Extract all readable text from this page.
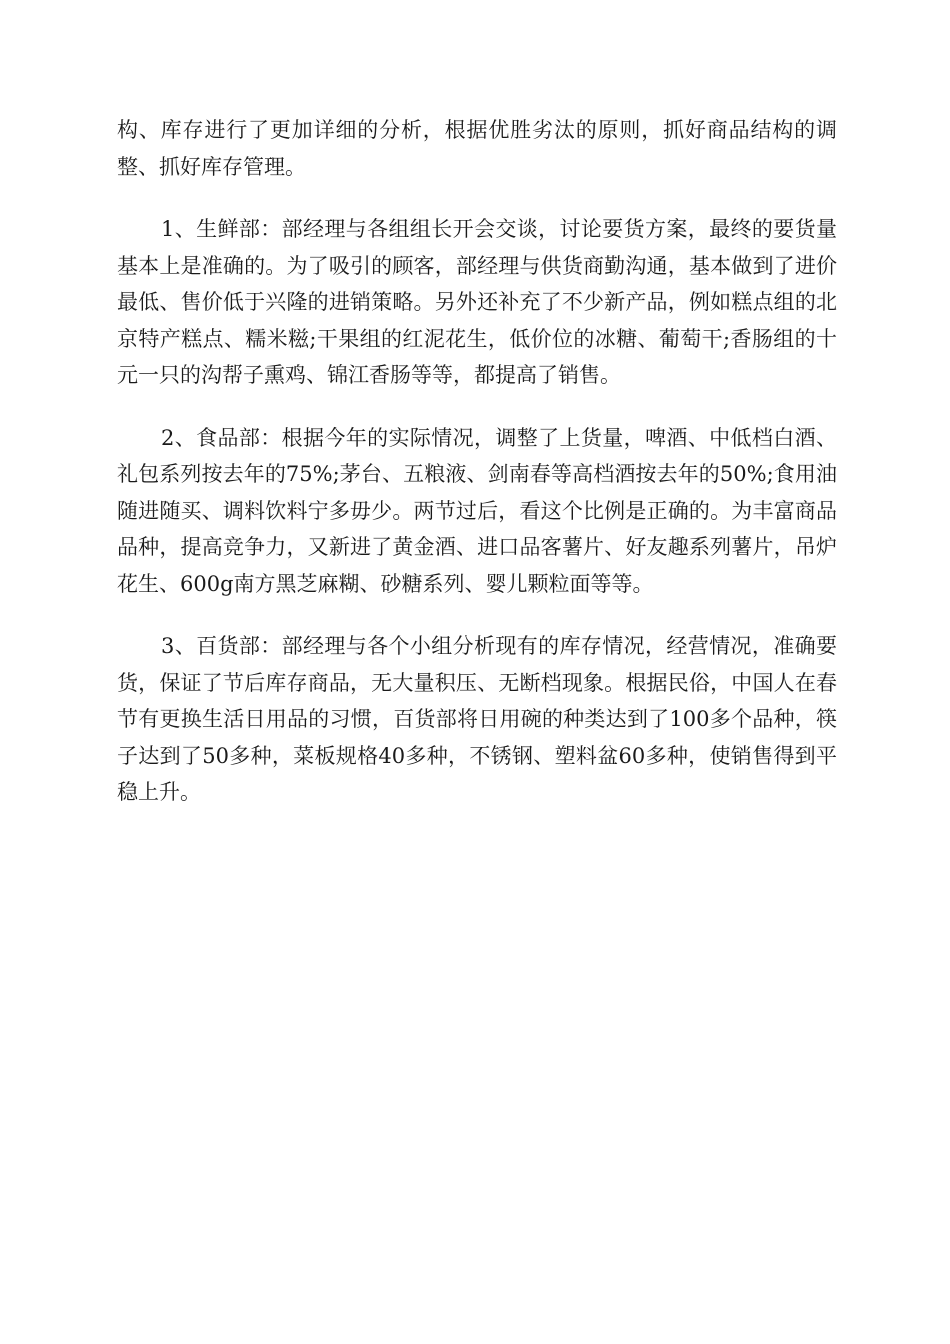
构、库存进行了更加详细的分析，根据优胜劣汰的原则，抓好商品结构的调整、抓好库存管理。

1、生鲜部：部经理与各组组长开会交谈，讨论要货方案，最终的要货量基本上是准确的。为了吸引的顾客，部经理与供货商勤沟通，基本做到了进价最低、售价低于兴隆的进销策略。另外还补充了不少新产品，例如糕点组的北京特产糕点、糯米糍;干果组的红泥花生，低价位的冰糖、葡萄干;香肠组的十元一只的沟帮子熏鸡、锦江香肠等等，都提高了销售。

2、食品部：根据今年的实际情况，调整了上货量，啤酒、中低档白酒、礼包系列按去年的75%;茅台、五粮液、剑南春等高档酒按去年的50%;食用油随进随买、调料饮料宁多毋少。两节过后，看这个比例是正确的。为丰富商品品种，提高竞争力，又新进了黄金酒、进口品客薯片、好友趣系列薯片，吊炉花生、600g南方黑芝麻糊、砂糖系列、婴儿颗粒面等等。

3、百货部：部经理与各个小组分析现有的库存情况，经营情况，准确要货，保证了节后库存商品，无大量积压、无断档现象。根据民俗，中国人在春节有更换生活日用品的习惯，百货部将日用碗的种类达到了100多个品种，筷子达到了50多种，菜板规格40多种，不锈钢、塑料盆60多种，使销售得到平稳上升。
